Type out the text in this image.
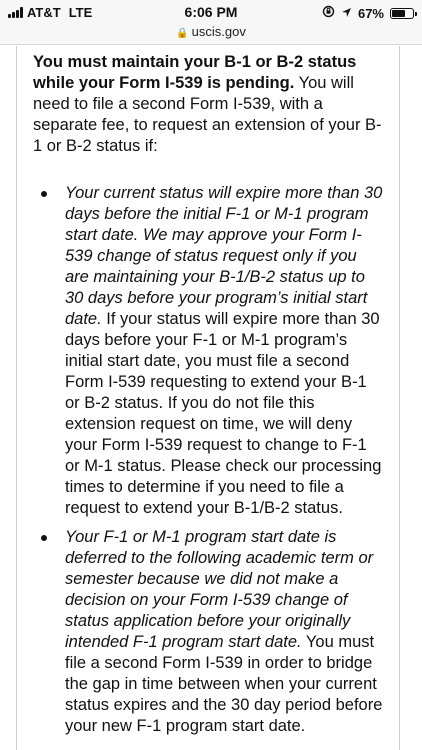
AT&T LTE	6:06 PM	67%
🔒 uscis.gov

You must maintain your B-1 or B-2 status while your Form I-539 is pending. You will need to file a second Form I-539, with a separate fee, to request an extension of your B-1 or B-2 status if:

Your current status will expire more than 30 days before the initial F-1 or M-1 program start date. We may approve your Form I-539 change of status request only if you are maintaining your B-1/B-2 status up to 30 days before your program’s initial start date. If your status will expire more than 30 days before your F-1 or M-1 program’s initial start date, you must file a second Form I-539 requesting to extend your B-1 or B-2 status. If you do not file this extension request on time, we will deny your Form I-539 request to change to F-1 or M-1 status. Please check our processing times to determine if you need to file a request to extend your B-1/B-2 status.
Your F-1 or M-1 program start date is deferred to the following academic term or semester because we did not make a decision on your Form I-539 change of status application before your originally intended F-1 program start date. You must file a second Form I-539 in order to bridge the gap in time between when your current status expires and the 30 day period before your new F-1 program start date.
